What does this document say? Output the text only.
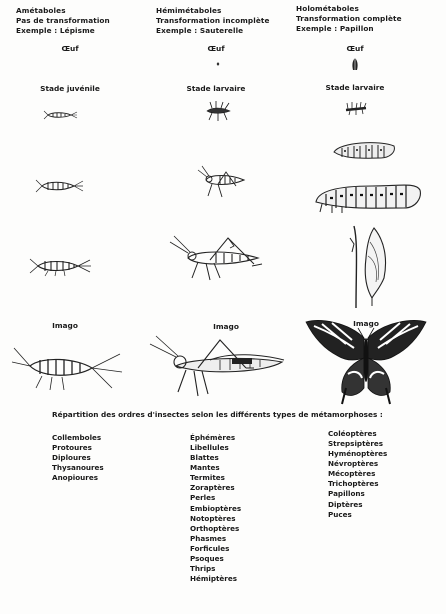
Amétaboles
Pas de transformation
Exemple : Lépisme
Hémimétaboles
Transformation incomplète
Exemple : Sauterelle
Holométaboles
Transformation complète
Exemple : Papillon
Œuf	Œuf	Œuf
Stade juvénile	Stade larvaire	Stade larvaire
Imago	Imago	Imago
Répartition des ordres d'insectes selon les différents types de métamorphoses :
Collemboles
Protoures
Diploures
Thysanoures
Anopioures
Éphémères
Libellules
Blattes
Mantes
Termites
Zoraptères
Perles
Embioptères
Notoptères
Orthoptères
Phasmes
Forficules
Psoques
Thrips
Hémiptères
Coléoptères
Strepsiptères
Hyménoptères
Névroptères
Mécoptères
Trichoptères
Papillons
Diptères
Puces
